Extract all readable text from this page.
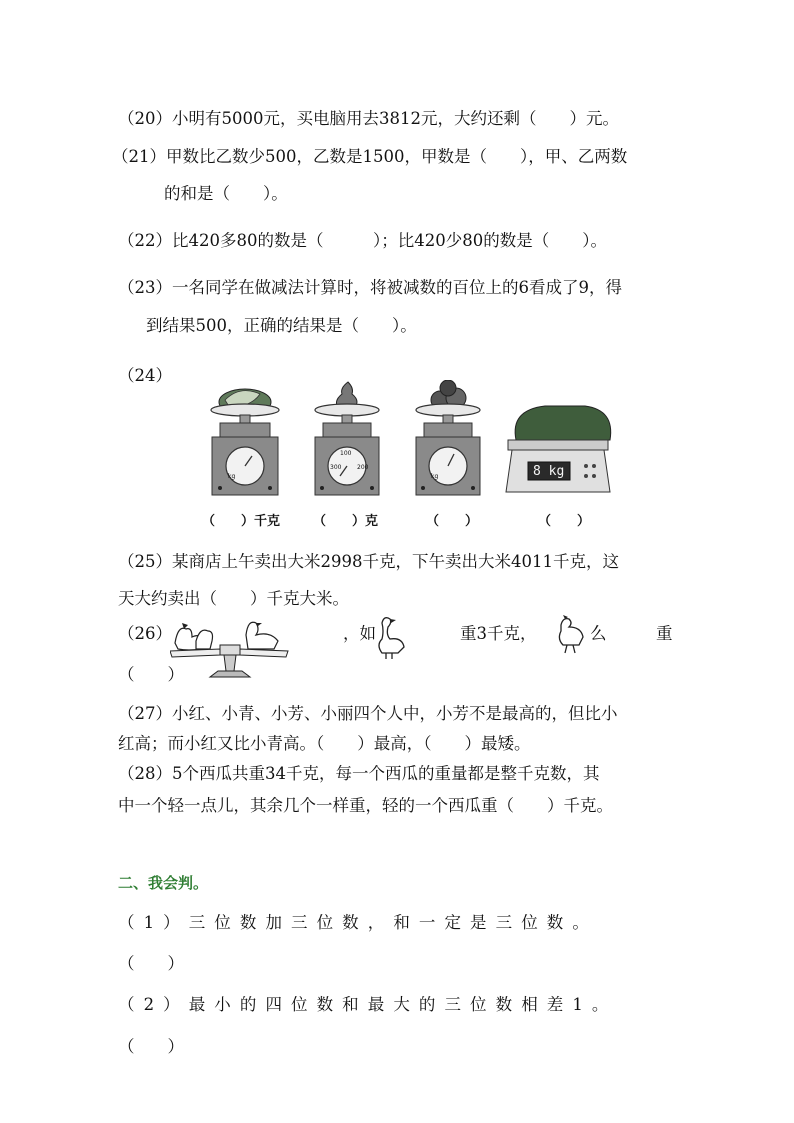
（20）小明有5000元，买电脑用去3812元，大约还剩（　　）元。
（21）甲数比乙数少500，乙数是1500，甲数是（　　），甲、乙两数
的和是（　　）。
（22）比420多80的数是（　　　）；比420少80的数是（　　）。
（23）一名同学在做减法计算时，将被减数的百位上的6看成了9，得
到结果500，正确的结果是（　　）。
（24）
kg
100
200
300
kg	8 kg
（　　）千克	（　　）克	（　　）	（　　）
（25）某商店上午卖出大米2998千克，下午卖出大米4011千克，这
天大约卖出（　　）千克大米。
（26）	，如	重3千克，	么	重
（　　）
（27）小红、小青、小芳、小丽四个人中，小芳不是最高的，但比小
红高；而小红又比小青高。（　　）最高，（　　）最矮。
（28）5个西瓜共重34千克，每一个西瓜的重量都是整千克数，其
中一个轻一点儿，其余几个一样重，轻的一个西瓜重（　　）千克。
二、我会判。
（1）三位数加三位数，和一定是三位数。
（　　）
（2）最小的四位数和最大的三位数相差1。
（　　）
